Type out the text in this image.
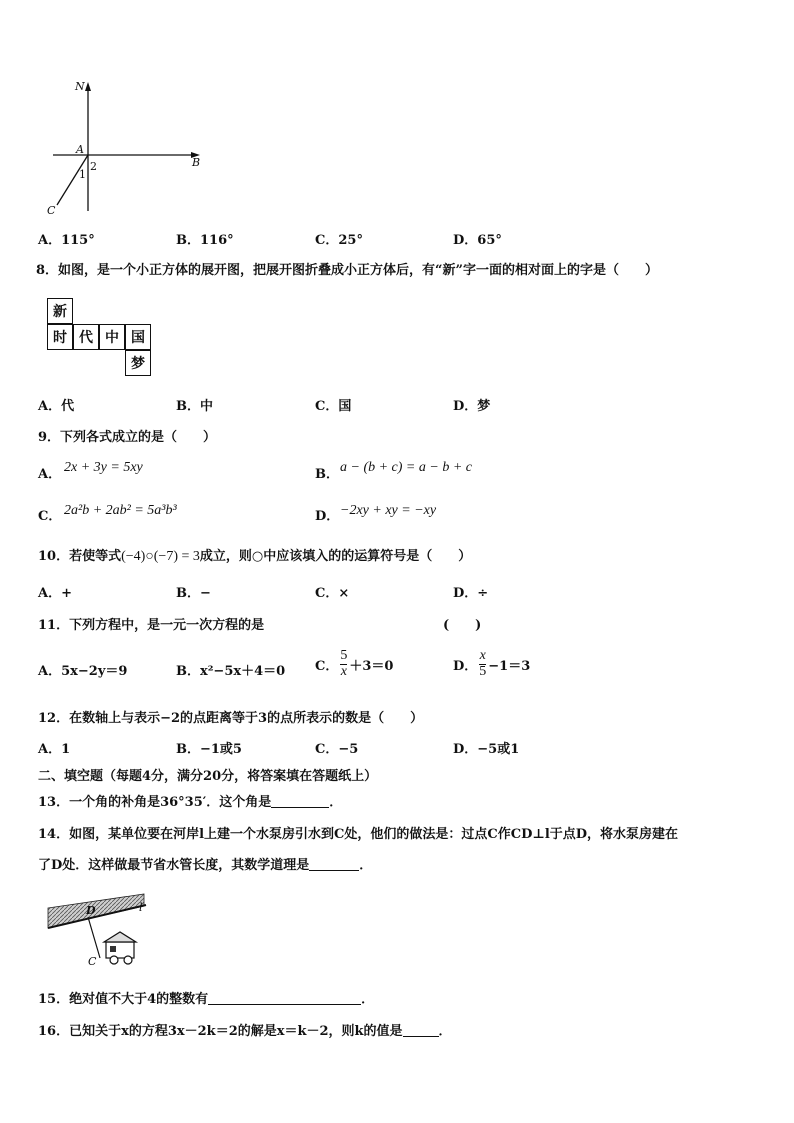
N
A
B
C
1
2
A．115°	B．116°	C．25°	D．65°
8．如图，是一个小正方体的展开图，把展开图折叠成小正方体后，有“新”字一面的相对面上的字是（　　）
新
时 代 中 国
梦
A．代	B．中	C．国	D．梦
9．下列各式成立的是（　　）
A． 2x + 3y = 5xy	B． a − (b + c) = a − b + c
C． 2a²b + 2ab² = 5a³b³	D． −2xy + xy = −xy
10．若使等式(−4)○(−7) = 3成立，则○中应该填入的的运算符号是（　　）
A．+	B．−	C．×	D．÷
11．下列方程中，是一元一次方程的是	(　　)
A．5x−2y＝9	B．x²−5x＋4＝0 C． $\frac{5}{x} +3=0$	D． $\frac{x}{5} -1=3$
12．在数轴上与表示−2的点距离等于3的点所表示的数是（　　）
A．1	B．−1或5	C．−5	D．−5或1
二、填空题（每题4分，满分20分，将答案填在答题纸上）
13．一个角的补角是36°35′．这个角是	．
14．如图，某单位要在河岸l上建一个水泵房引水到C处，他们的做法是：过点C作CD⊥l于点D，将水泵房建在
了D处．这样做最节省水管长度，其数学道理是	．
D	l
C
15．绝对值不大于4的整数有	．
16．已知关于x的方程3x－2k＝2的解是x＝k－2，则k的值是	．
